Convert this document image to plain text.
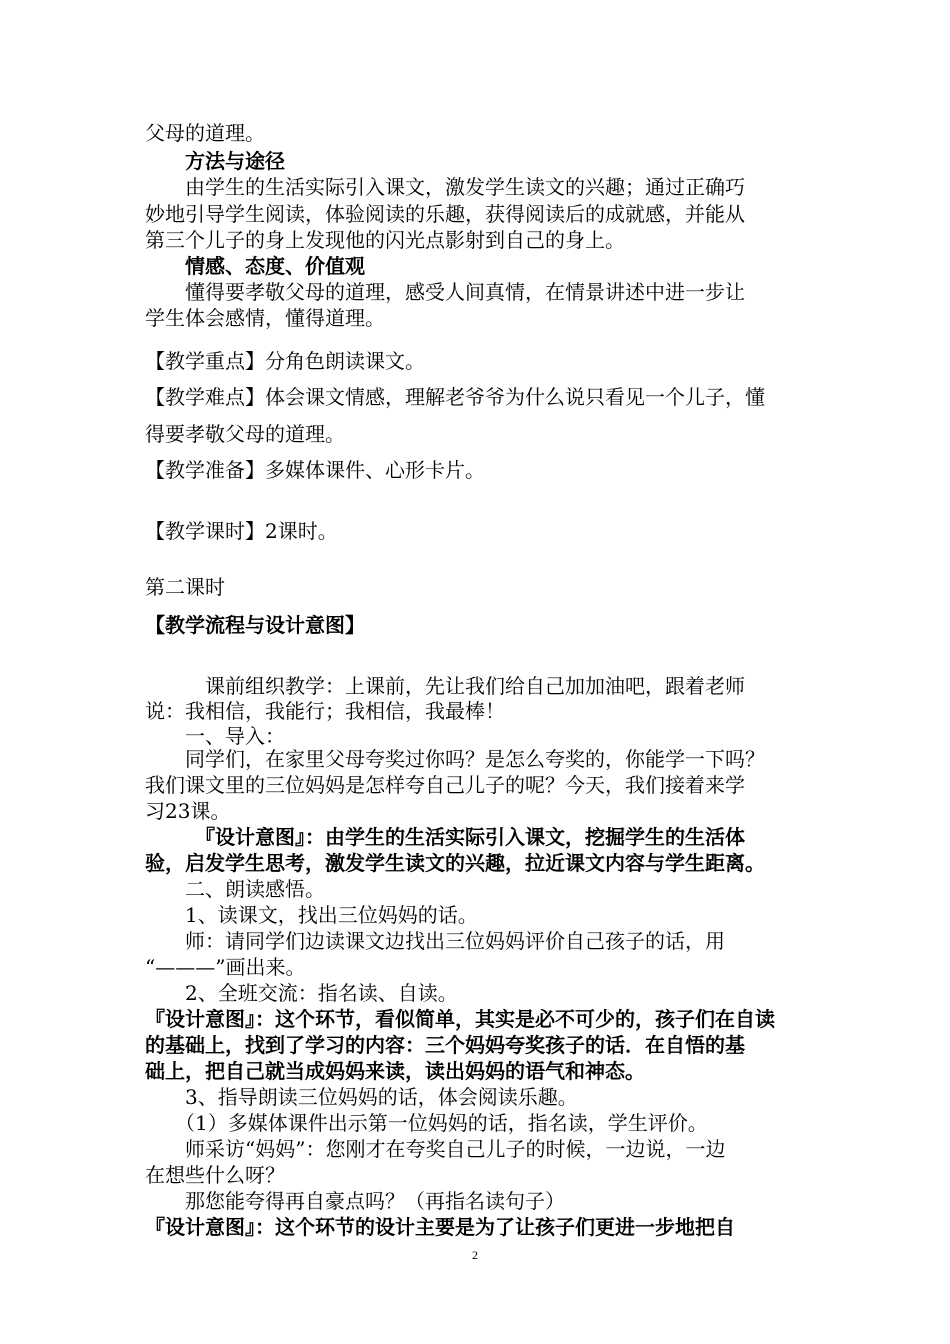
父母的道理。
　　方法与途径
　　由学生的生活实际引入课文，激发学生读文的兴趣；通过正确巧
妙地引导学生阅读，体验阅读的乐趣，获得阅读后的成就感，并能从
第三个儿子的身上发现他的闪光点影射到自己的身上。
　　情感、态度、价值观
　　懂得要孝敬父母的道理，感受人间真情，在情景讲述中进一步让
学生体会感情，懂得道理。
【教学重点】分角色朗读课文。
【教学难点】体会课文情感，理解老爷爷为什么说只看见一个儿子，懂
得要孝敬父母的道理。
【教学准备】多媒体课件、心形卡片。
【教学课时】2课时。
第二课时
【教学流程与设计意图】
　　　课前组织教学：上课前，先让我们给自己加加油吧，跟着老师
说：我相信，我能行；我相信，我最棒！
　　一、导入：
　　同学们，在家里父母夸奖过你吗？是怎么夸奖的，你能学一下吗？
我们课文里的三位妈妈是怎样夸自己儿子的呢？今天，我们接着来学
习23课。
　　　『设计意图』：由学生的生活实际引入课文，挖掘学生的生活体
验，启发学生思考，激发学生读文的兴趣，拉近课文内容与学生距离。
　　二、朗读感悟。
　　1、读课文，找出三位妈妈的话。
　　师：请同学们边读课文边找出三位妈妈评价自己孩子的话，用
“———”画出来。
　　2、全班交流：指名读、自读。
『设计意图』：这个环节，看似简单，其实是必不可少的，孩子们在自读
的基础上，找到了学习的内容：三个妈妈夸奖孩子的话．在自悟的基
础上，把自己就当成妈妈来读，读出妈妈的语气和神态。
　　3、指导朗读三位妈妈的话，体会阅读乐趣。
　　（1）多媒体课件出示第一位妈妈的话，指名读，学生评价。
　　师采访“妈妈”：您刚才在夸奖自己儿子的时候，一边说，一边
在想些什么呀？
　　那您能夸得再自豪点吗？（再指名读句子）
『设计意图』：这个环节的设计主要是为了让孩子们更进一步地把自
2
